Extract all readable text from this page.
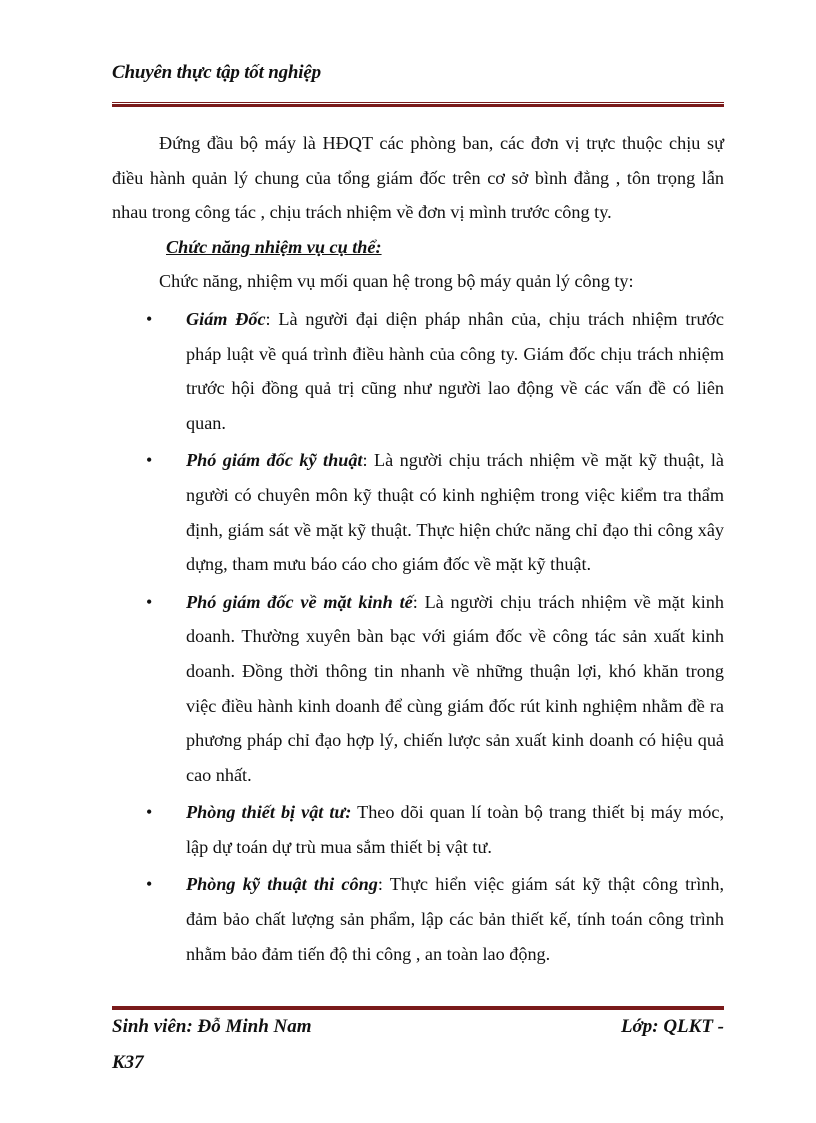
Chuyên thực tập tốt nghiệp

Đứng đầu bộ máy là HĐQT các phòng ban, các đơn vị trực thuộc chịu sự điều hành quản lý chung của tổng giám đốc trên cơ sở bình đẳng , tôn trọng lẫn nhau trong công tác , chịu trách nhiệm về đơn vị mình trước công ty.

Chức năng nhiệm vụ cụ thể:

Chức năng, nhiệm vụ mối quan hệ trong bộ máy quản lý công ty:

• Giám Đốc: Là người đại diện pháp nhân của, chịu trách nhiệm trước pháp luật về quá trình điều hành của công ty. Giám đốc chịu trách nhiệm trước hội đồng quả trị cũng như người lao động về các vấn đề có liên quan.
• Phó giám đốc kỹ thuật: Là người chịu trách nhiệm về mặt kỹ thuật, là người có chuyên môn kỹ thuật có kinh nghiệm trong việc kiểm tra thẩm định, giám sát về mặt kỹ thuật. Thực hiện chức năng chỉ đạo thi công xây dựng, tham mưu báo cáo cho giám đốc về mặt kỹ thuật.
• Phó giám đốc về mặt kinh tế: Là người chịu trách nhiệm về mặt kinh doanh. Thường xuyên bàn bạc với giám đốc về công tác sản xuất kinh doanh. Đồng thời thông tin nhanh về những thuận lợi, khó khăn trong việc điều hành kinh doanh để cùng giám đốc rút kinh nghiệm nhằm đề ra phương pháp chỉ đạo hợp lý, chiến lược sản xuất kinh doanh có hiệu quả cao nhất.
• Phòng thiết bị vật tư: Theo dõi quan lí toàn bộ trang thiết bị máy móc, lập dự toán dự trù mua sắm thiết bị vật tư.
• Phòng kỹ thuật thi công: Thực hiển việc giám sát kỹ thật công trình, đảm bảo chất lượng sản phẩm, lập các bản thiết kế, tính toán công trình nhằm bảo đảm tiến độ thi công , an toàn lao động.
Sinh viên: Đỗ Minh Nam	Lớp: QLKT -
K37
